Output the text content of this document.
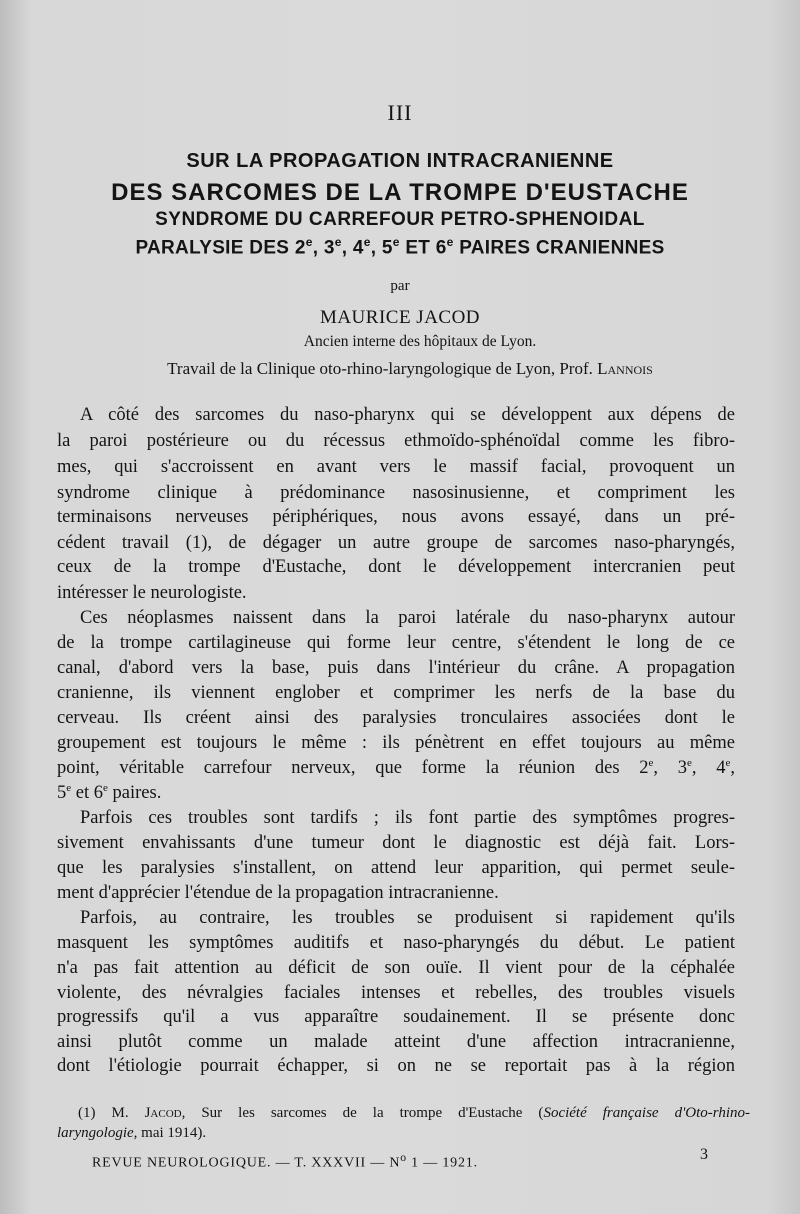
III
SUR LA PROPAGATION INTRACRANIENNE
DES SARCOMES DE LA TROMPE D'EUSTACHE
SYNDROME DU CARREFOUR PETRO-SPHENOIDAL
PARALYSIE DES 2e, 3e, 4e, 5e ET 6e PAIRES CRANIENNES
par
MAURICE JACOD
Ancien interne des hôpitaux de Lyon.
Travail de la Clinique oto-rhino-laryngologique de Lyon, Prof. Lannois
A côté des sarcomes du naso-pharynx qui se développent aux dépens de
la paroi postérieure ou du récessus ethmoïdo-sphénoïdal comme les fibro-
mes, qui s'accroissent en avant vers le massif facial, provoquent un
syndrome clinique à prédominance nasosinusienne, et compriment les
terminaisons nerveuses périphériques, nous avons essayé, dans un pré-
cédent travail (1), de dégager un autre groupe de sarcomes naso-pharyngés,
ceux de la trompe d'Eustache, dont le développement intercranien peut
intéresser le neurologiste.
Ces néoplasmes naissent dans la paroi latérale du naso-pharynx autour
de la trompe cartilagineuse qui forme leur centre, s'étendent le long de ce
canal, d'abord vers la base, puis dans l'intérieur du crâne. A propagation
cranienne, ils viennent englober et comprimer les nerfs de la base du
cerveau. Ils créent ainsi des paralysies tronculaires associées dont le
groupement est toujours le même : ils pénètrent en effet toujours au même
point, véritable carrefour nerveux, que forme la réunion des 2e, 3e, 4e,
5e et 6e paires.
Parfois ces troubles sont tardifs ; ils font partie des symptômes progres-
sivement envahissants d'une tumeur dont le diagnostic est déjà fait. Lors-
que les paralysies s'installent, on attend leur apparition, qui permet seule-
ment d'apprécier l'étendue de la propagation intracranienne.
Parfois, au contraire, les troubles se produisent si rapidement qu'ils
masquent les symptômes auditifs et naso-pharyngés du début. Le patient
n'a pas fait attention au déficit de son ouïe. Il vient pour de la céphalée
violente, des névralgies faciales intenses et rebelles, des troubles visuels
progressifs qu'il a vus apparaître soudainement. Il se présente donc
ainsi plutôt comme un malade atteint d'une affection intracranienne,
dont l'étiologie pourrait échapper, si on ne se reportait pas à la région
(1) M. Jacod, Sur les sarcomes de la trompe d'Eustache (Société française d'Oto-rhino-
laryngologie, mai 1914).
REVUE NEUROLOGIQUE. — T. XXXVII — $N^o$ 1 — 1921.
3
